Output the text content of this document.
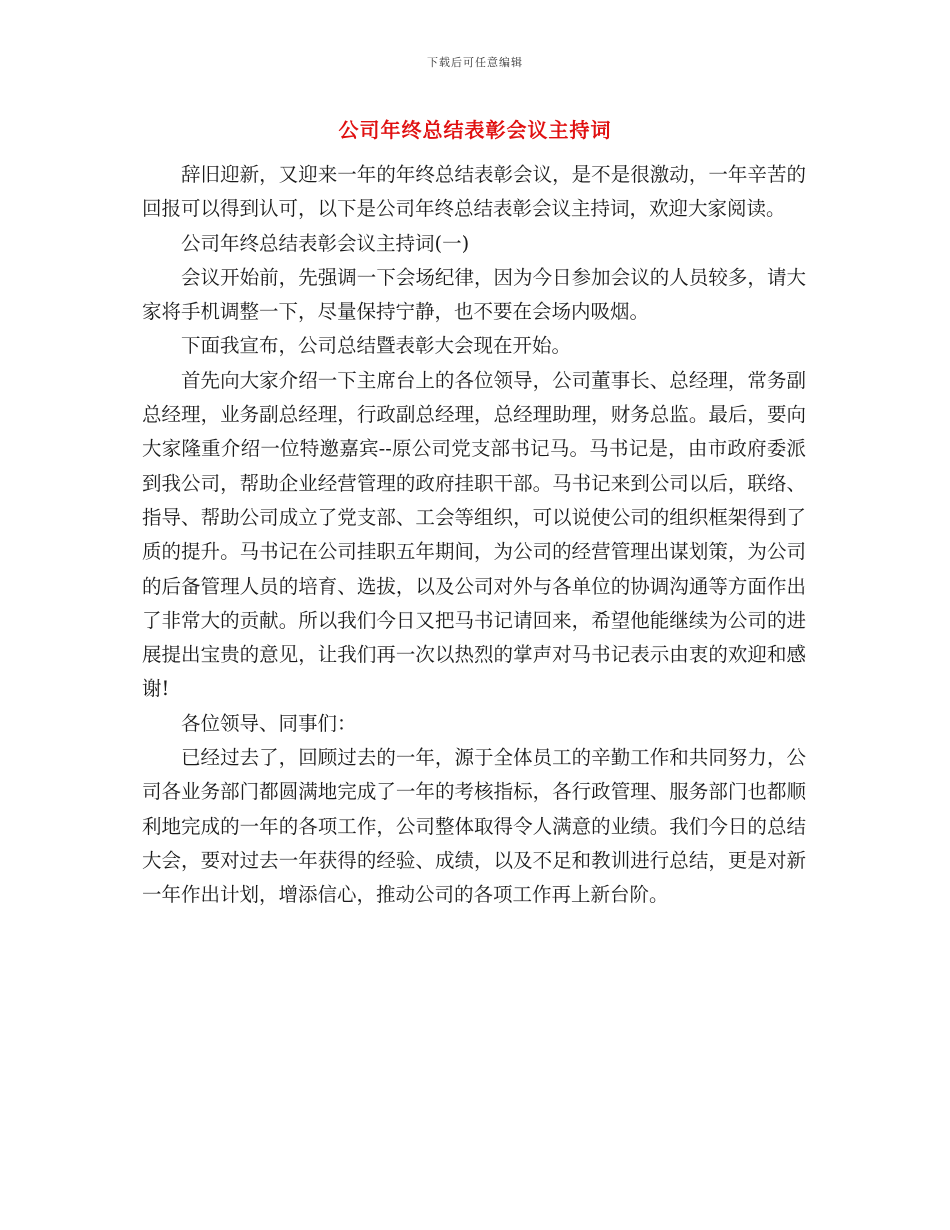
下载后可任意编辑
公司年终总结表彰会议主持词

辞旧迎新，又迎来一年的年终总结表彰会议，是不是很激动，一年辛苦的回报可以得到认可，以下是公司年终总结表彰会议主持词，欢迎大家阅读。

公司年终总结表彰会议主持词(一)

会议开始前，先强调一下会场纪律，因为今日参加会议的人员较多，请大家将手机调整一下，尽量保持宁静，也不要在会场内吸烟。

下面我宣布，公司总结暨表彰大会现在开始。

首先向大家介绍一下主席台上的各位领导，公司董事长、总经理，常务副总经理，业务副总经理，行政副总经理，总经理助理，财务总监。最后，要向大家隆重介绍一位特邀嘉宾--原公司党支部书记马。马书记是，由市政府委派到我公司，帮助企业经营管理的政府挂职干部。马书记来到公司以后，联络、指导、帮助公司成立了党支部、工会等组织，可以说使公司的组织框架得到了质的提升。马书记在公司挂职五年期间，为公司的经营管理出谋划策，为公司的后备管理人员的培育、选拔，以及公司对外与各单位的协调沟通等方面作出了非常大的贡献。所以我们今日又把马书记请回来，希望他能继续为公司的进展提出宝贵的意见，让我们再一次以热烈的掌声对马书记表示由衷的欢迎和感谢!

各位领导、同事们：

已经过去了，回顾过去的一年，源于全体员工的辛勤工作和共同努力，公司各业务部门都圆满地完成了一年的考核指标，各行政管理、服务部门也都顺利地完成的一年的各项工作，公司整体取得令人满意的业绩。我们今日的总结大会，要对过去一年获得的经验、成绩，以及不足和教训进行总结，更是对新一年作出计划，增添信心，推动公司的各项工作再上新台阶。
